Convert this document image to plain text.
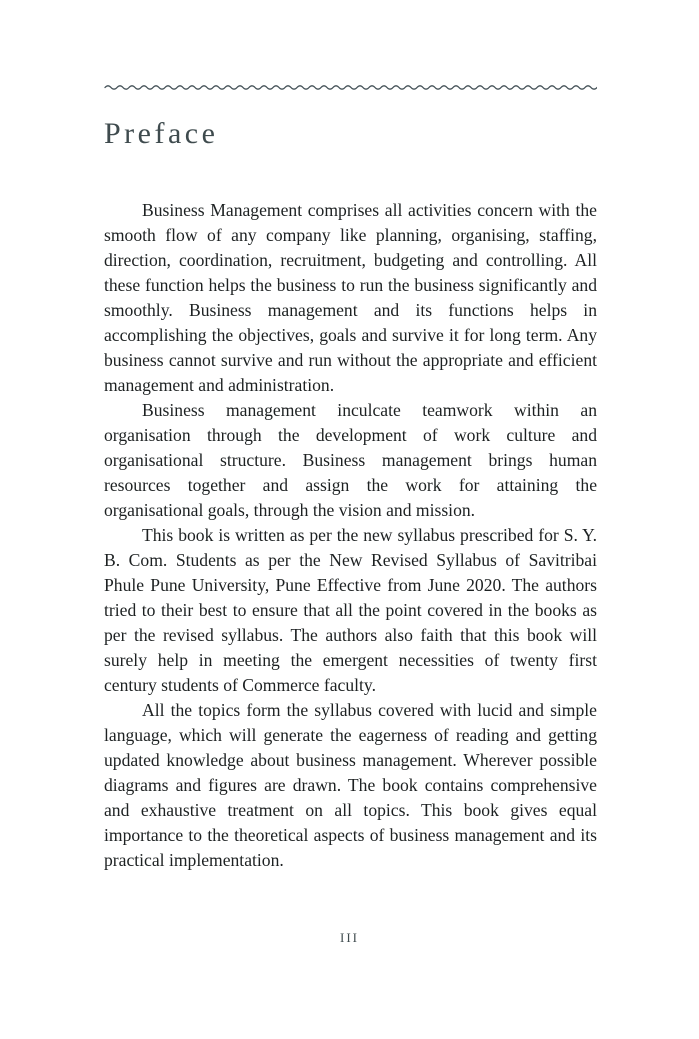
Preface

Business Management comprises all activities concern with the smooth flow of any company like planning, organising, staffing, direction, coordination, recruitment, budgeting and controlling. All these function helps the business to run the business significantly and smoothly. Business management and its functions helps in accomplishing the objectives, goals and survive it for long term. Any business cannot survive and run without the appropriate and efficient management and administration.

Business management inculcate teamwork within an organisation through the development of work culture and organisational structure. Business management brings human resources together and assign the work for attaining the organisational goals, through the vision and mission.

This book is written as per the new syllabus prescribed for S. Y. B. Com. Students as per the New Revised Syllabus of Savitribai Phule Pune University, Pune Effective from June 2020. The authors tried to their best to ensure that all the point covered in the books as per the revised syllabus. The authors also faith that this book will surely help in meeting the emergent necessities of twenty first century students of Commerce faculty.

All the topics form the syllabus covered with lucid and simple language, which will generate the eagerness of reading and getting updated knowledge about business management. Wherever possible diagrams and figures are drawn. The book contains comprehensive and exhaustive treatment on all topics. This book gives equal importance to the theoretical aspects of business management and its practical implementation.

III
